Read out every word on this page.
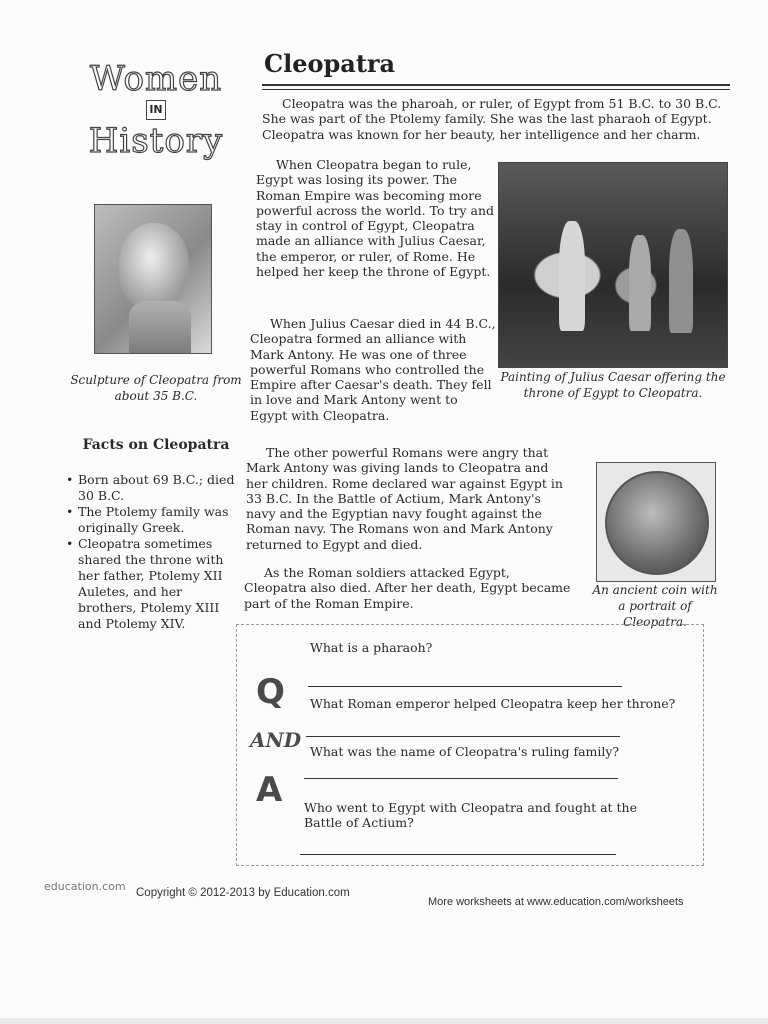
Women
IN
History
Sculpture of Cleopatra from about 35 B.C.
Facts on Cleopatra
• Born about 69 B.C.; died 30 B.C.
• The Ptolemy family was originally Greek.
• Cleopatra sometimes shared the throne with her father, Ptolemy XII Auletes, and her brothers, Ptolemy XIII and Ptolemy XIV.
Cleopatra

Cleopatra was the pharoah, or ruler, of Egypt from 51 B.C. to 30 B.C. She was part of the Ptolemy family. She was the last pharaoh of Egypt. Cleopatra was known for her beauty, her intelligence and her charm.

When Cleopatra began to rule, Egypt was losing its power. The Roman Empire was becoming more powerful across the world. To try and stay in control of Egypt, Cleopatra made an alliance with Julius Caesar, the emperor, or ruler, of Rome. He helped her keep the throne of Egypt.

When Julius Caesar died in 44 B.C., Cleopatra formed an alliance with Mark Antony. He was one of three powerful Romans who controlled the Empire after Caesar's death. They fell in love and Mark Antony went to Egypt with Cleopatra.

The other powerful Romans were angry that Mark Antony was giving lands to Cleopatra and her children. Rome declared war against Egypt in 33 B.C. In the Battle of Actium, Mark Antony's navy and the Egyptian navy fought against the Roman navy. The Romans won and Mark Antony returned to Egypt and died.

As the Roman soldiers attacked Egypt, Cleopatra also died. After her death, Egypt became part of the Roman Empire.

Painting of Julius Caesar offering the throne of Egypt to Cleopatra.
An ancient coin with a portrait of Cleopatra.
Q
AND
A
What is a pharaoh?
What Roman emperor helped Cleopatra keep her throne?
What was the name of Cleopatra's ruling family?
Who went to Egypt with Cleopatra and fought at the Battle of Actium?
education.com Copyright © 2012-2013 by Education.com
More worksheets at www.education.com/worksheets
